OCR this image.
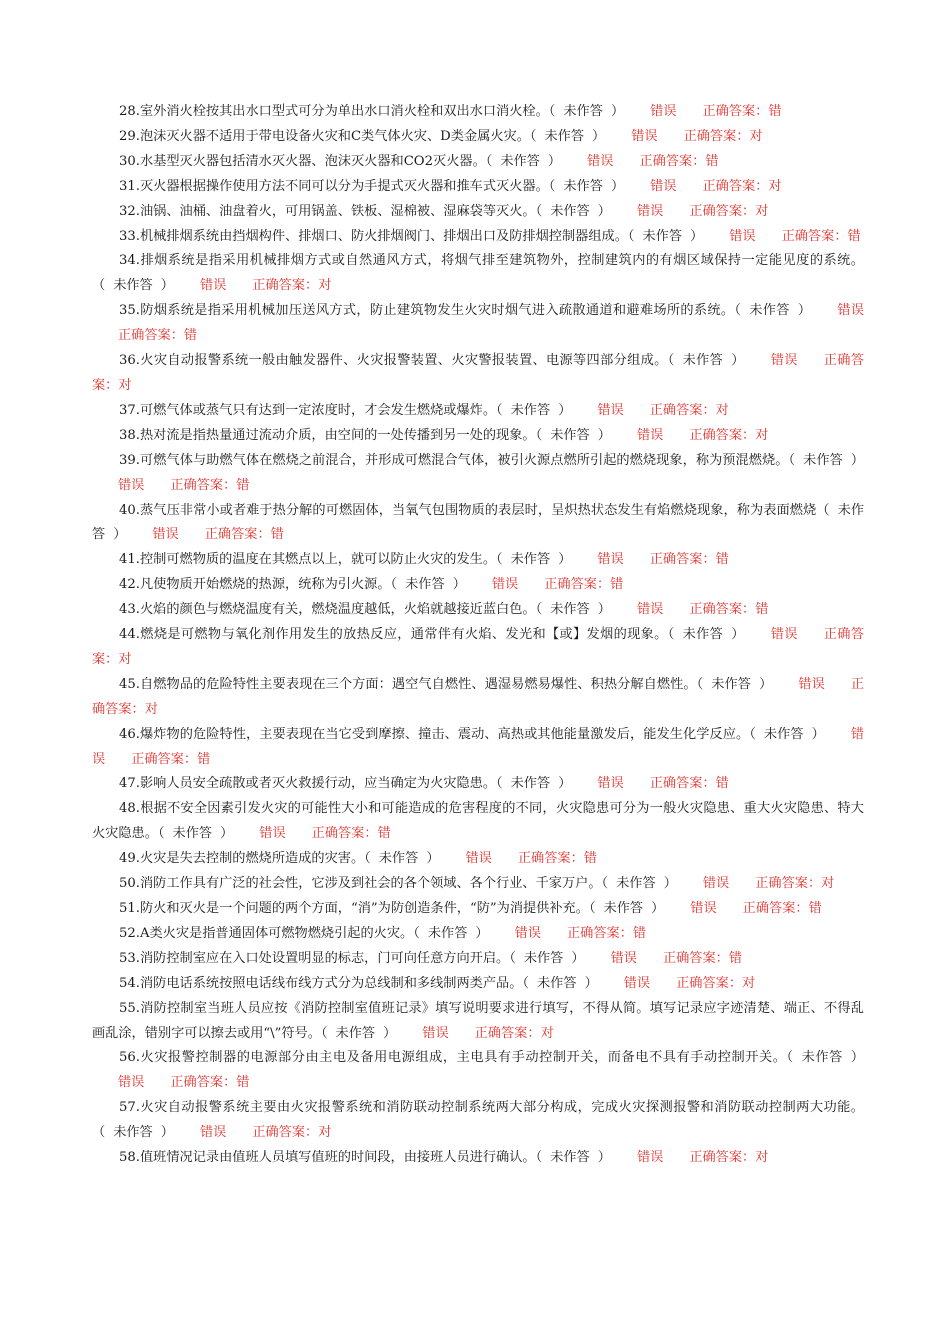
28.室外消火栓按其出水口型式可分为单出水口消火栓和双出水口消火栓。（ 未作答 ） 错误 正确答案：错
29.泡沫灭火器不适用于带电设备火灾和C类气体火灾、D类金属火灾。（ 未作答 ） 错误 正确答案：对
30.水基型灭火器包括清水灭火器、泡沫灭火器和CO2灭火器。（ 未作答 ） 错误 正确答案：错
31.灭火器根据操作使用方法不同可以分为手提式灭火器和推车式灭火器。（ 未作答 ） 错误 正确答案：对
32.油锅、油桶、油盘着火，可用锅盖、铁板、湿棉被、湿麻袋等灭火。（ 未作答 ） 错误 正确答案：对
33.机械排烟系统由挡烟构件、排烟口、防火排烟阀门、排烟出口及防排烟控制器组成。（ 未作答 ） 错误 正确答案：错
34.排烟系统是指采用机械排烟方式或自然通风方式，将烟气排至建筑物外，控制建筑内的有烟区域保持一定能见度的系统。（ 未作答 ） 错误 正确答案：对
35.防烟系统是指采用机械加压送风方式，防止建筑物发生火灾时烟气进入疏散通道和避难场所的系统。（ 未作答 ） 错误正确答案：错
36.火灾自动报警系统一般由触发器件、火灾报警装置、火灾警报装置、电源等四部分组成。（ 未作答 ） 错误 正确答案：对
37.可燃气体或蒸气只有达到一定浓度时，才会发生燃烧或爆炸。（ 未作答 ） 错误 正确答案：对
38.热对流是指热量通过流动介质，由空间的一处传播到另一处的现象。（ 未作答 ） 错误 正确答案：对
39.可燃气体与助燃气体在燃烧之前混合，并形成可燃混合气体，被引火源点燃所引起的燃烧现象，称为预混燃烧。（ 未作答 ）错误 正确答案：错
40.蒸气压非常小或者难于热分解的可燃固体，当氧气包围物质的表层时，呈炽热状态发生有焰燃烧现象，称为表面燃烧（ 未作答 ） 错误 正确答案：错
41.控制可燃物质的温度在其燃点以上，就可以防止火灾的发生。（ 未作答 ） 错误 正确答案：错
42.凡使物质开始燃烧的热源，统称为引火源。（ 未作答 ） 错误 正确答案：错
43.火焰的颜色与燃烧温度有关，燃烧温度越低，火焰就越接近蓝白色。（ 未作答 ） 错误 正确答案：错
44.燃烧是可燃物与氧化剂作用发生的放热反应，通常伴有火焰、发光和【或】发烟的现象。（ 未作答 ） 错误 正确答案：对
45.自燃物品的危险特性主要表现在三个方面：遇空气自燃性、遇湿易燃易爆性、积热分解自燃性。（ 未作答 ） 错误 正确答案：对
46.爆炸物的危险特性，主要表现在当它受到摩擦、撞击、震动、高热或其他能量激发后，能发生化学反应。（ 未作答 ） 错误 正确答案：错
47.影响人员安全疏散或者灭火救援行动，应当确定为火灾隐患。（ 未作答 ） 错误 正确答案：错
48.根据不安全因素引发火灾的可能性大小和可能造成的危害程度的不同，火灾隐患可分为一般火灾隐患、重大火灾隐患、特大火灾隐患。（ 未作答 ） 错误 正确答案：错
49.火灾是失去控制的燃烧所造成的灾害。（ 未作答 ） 错误 正确答案：错
50.消防工作具有广泛的社会性，它涉及到社会的各个领域、各个行业、千家万户。（ 未作答 ） 错误 正确答案：对
51.防火和灭火是一个问题的两个方面，“消”为防创造条件，“防”为消提供补充。（ 未作答 ） 错误 正确答案：错
52.A类火灾是指普通固体可燃物燃烧引起的火灾。（ 未作答 ） 错误 正确答案：错
53.消防控制室应在入口处设置明显的标志，门可向任意方向开启。（ 未作答 ） 错误 正确答案：错
54.消防电话系统按照电话线布线方式分为总线制和多线制两类产品。（ 未作答 ） 错误 正确答案：对
55.消防控制室当班人员应按《消防控制室值班记录》填写说明要求进行填写，不得从简。填写记录应字迹清楚、端正、不得乱画乱涂，错别字可以擦去或用“\”符号。（ 未作答 ） 错误 正确答案：对
56.火灾报警控制器的电源部分由主电及备用电源组成，主电具有手动控制开关，而备电不具有手动控制开关。（ 未作答 ）错误 正确答案：错
57.火灾自动报警系统主要由火灾报警系统和消防联动控制系统两大部分构成，完成火灾探测报警和消防联动控制两大功能。（ 未作答 ） 错误 正确答案：对
58.值班情况记录由值班人员填写值班的时间段，由接班人员进行确认。（ 未作答 ） 错误 正确答案：对
